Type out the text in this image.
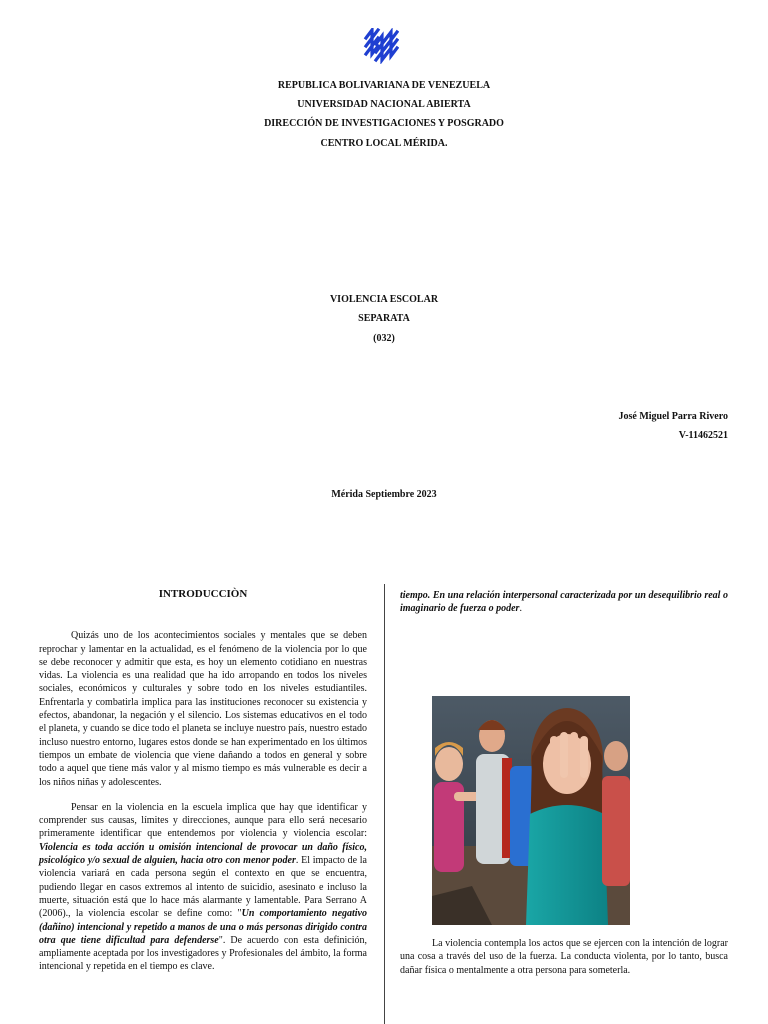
REPUBLICA BOLIVARIANA DE VENEZUELA
UNIVERSIDAD NACIONAL ABIERTA
DIRECCIÓN DE INVESTIGACIONES Y POSGRADO
CENTRO LOCAL MÉRIDA.
VIOLENCIA ESCOLAR
SEPARATA
(032)
José Miguel Parra Rivero
V-11462521
Mérida Septiembre 2023
INTRODUCCIÒN

Quizás uno de los acontecimientos sociales y mentales que se deben reprochar y lamentar en la actualidad, es el fenómeno de la violencia por lo que se debe reconocer y admitir que esta, es hoy un elemento cotidiano en nuestras vidas. La violencia es una realidad que ha ido arropando en todos los niveles sociales, económicos y culturales y sobre todo en los niveles estudiantiles. Enfrentarla y combatirla implica para las instituciones reconocer su existencia y efectos, abandonar, la negación y el silencio. Los sistemas educativos en el todo el planeta, y cuando se dice todo el planeta se incluye nuestro país, nuestro estado incluso nuestro entorno, lugares estos donde se han experimentado en los últimos tiempos un embate de violencia que viene dañando a todos en general y sobre todo a aquel que tiene más valor y al mismo tiempo es más vulnerable es decir a los niños niñas y adolescentes.

Pensar en la violencia en la escuela implica que hay que identificar y comprender sus causas, límites y direcciones, aunque para ello será necesario primeramente identificar que entendemos por violencia y violencia escolar: Violencia es toda acción u omisión intencional de provocar un daño físico, psicológico y/o sexual de alguien, hacia otro con menor poder. El impacto de la violencia variará en cada persona según el contexto en que se encuentra, pudiendo llegar en casos extremos al intento de suicidio, asesinato e incluso la muerte, situación está que lo hace más alarmante y lamentable. Para Serrano A (2006)., la violencia escolar se define como: "Un comportamiento negativo (dañino) intencional y repetido a manos de una o más personas dirigido contra otra que tiene dificultad para defenderse". De acuerdo con esta definición, ampliamente aceptada por los investigadores y Profesionales del ámbito, la forma intencional y repetida en el tiempo es clave.

tiempo. En una relación interpersonal caracterizada por un desequilibrio real o imaginario de fuerza o poder.

La violencia contempla los actos que se ejercen con la intención de lograr una cosa a través del uso de la fuerza. La conducta violenta, por lo tanto, busca dañar física o mentalmente a otra persona para someterla.
